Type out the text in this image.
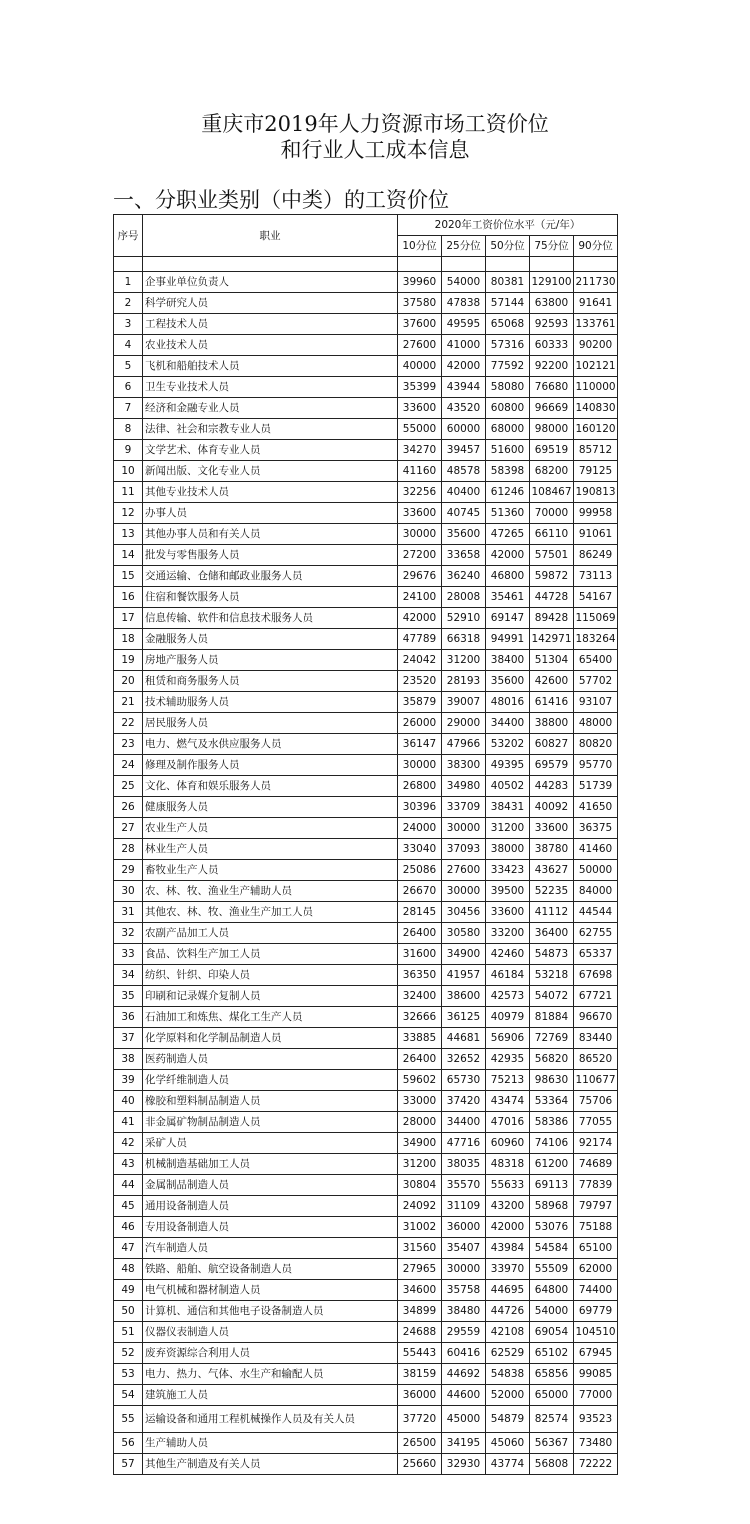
重庆市2019年人力资源市场工资价位
和行业人工成本信息
一、分职业类别（中类）的工资价位
序号	职业	2020年工资价位水平（元/年）				
		10分位	25分位	50分位	75分位	90分位

1	企事业单位负责人	39960	54000	80381	129100	211730
2	科学研究人员	37580	47838	57144	63800	91641
3	工程技术人员	37600	49595	65068	92593	133761
4	农业技术人员	27600	41000	57316	60333	90200
5	飞机和船舶技术人员	40000	42000	77592	92200	102121
6	卫生专业技术人员	35399	43944	58080	76680	110000
7	经济和金融专业人员	33600	43520	60800	96669	140830
8	法律、社会和宗教专业人员	55000	60000	68000	98000	160120
9	文学艺术、体育专业人员	34270	39457	51600	69519	85712
10	新闻出版、文化专业人员	41160	48578	58398	68200	79125
11	其他专业技术人员	32256	40400	61246	108467	190813
12	办事人员	33600	40745	51360	70000	99958
13	其他办事人员和有关人员	30000	35600	47265	66110	91061
14	批发与零售服务人员	27200	33658	42000	57501	86249
15	交通运输、仓储和邮政业服务人员	29676	36240	46800	59872	73113
16	住宿和餐饮服务人员	24100	28008	35461	44728	54167
17	信息传输、软件和信息技术服务人员	42000	52910	69147	89428	115069
18	金融服务人员	47789	66318	94991	142971	183264
19	房地产服务人员	24042	31200	38400	51304	65400
20	租赁和商务服务人员	23520	28193	35600	42600	57702
21	技术辅助服务人员	35879	39007	48016	61416	93107
22	居民服务人员	26000	29000	34400	38800	48000
23	电力、燃气及水供应服务人员	36147	47966	53202	60827	80820
24	修理及制作服务人员	30000	38300	49395	69579	95770
25	文化、体育和娱乐服务人员	26800	34980	40502	44283	51739
26	健康服务人员	30396	33709	38431	40092	41650
27	农业生产人员	24000	30000	31200	33600	36375
28	林业生产人员	33040	37093	38000	38780	41460
29	畜牧业生产人员	25086	27600	33423	43627	50000
30	农、林、牧、渔业生产辅助人员	26670	30000	39500	52235	84000
31	其他农、林、牧、渔业生产加工人员	28145	30456	33600	41112	44544
32	农副产品加工人员	26400	30580	33200	36400	62755
33	食品、饮料生产加工人员	31600	34900	42460	54873	65337
34	纺织、针织、印染人员	36350	41957	46184	53218	67698
35	印刷和记录媒介复制人员	32400	38600	42573	54072	67721
36	石油加工和炼焦、煤化工生产人员	32666	36125	40979	81884	96670
37	化学原料和化学制品制造人员	33885	44681	56906	72769	83440
38	医药制造人员	26400	32652	42935	56820	86520
39	化学纤维制造人员	59602	65730	75213	98630	110677
40	橡胶和塑料制品制造人员	33000	37420	43474	53364	75706
41	非金属矿物制品制造人员	28000	34400	47016	58386	77055
42	采矿人员	34900	47716	60960	74106	92174
43	机械制造基础加工人员	31200	38035	48318	61200	74689
44	金属制品制造人员	30804	35570	55633	69113	77839
45	通用设备制造人员	24092	31109	43200	58968	79797
46	专用设备制造人员	31002	36000	42000	53076	75188
47	汽车制造人员	31560	35407	43984	54584	65100
48	铁路、船舶、航空设备制造人员	27965	30000	33970	55509	62000
49	电气机械和器材制造人员	34600	35758	44695	64800	74400
50	计算机、通信和其他电子设备制造人员	34899	38480	44726	54000	69779
51	仪器仪表制造人员	24688	29559	42108	69054	104510
52	废弃资源综合利用人员	55443	60416	62529	65102	67945
53	电力、热力、气体、水生产和输配人员	38159	44692	54838	65856	99085
54	建筑施工人员	36000	44600	52000	65000	77000
55	运输设备和通用工程机械操作人员及有关人员	37720	45000	54879	82574	93523
56	生产辅助人员	26500	34195	45060	56367	73480
57	其他生产制造及有关人员	25660	32930	43774	56808	72222
